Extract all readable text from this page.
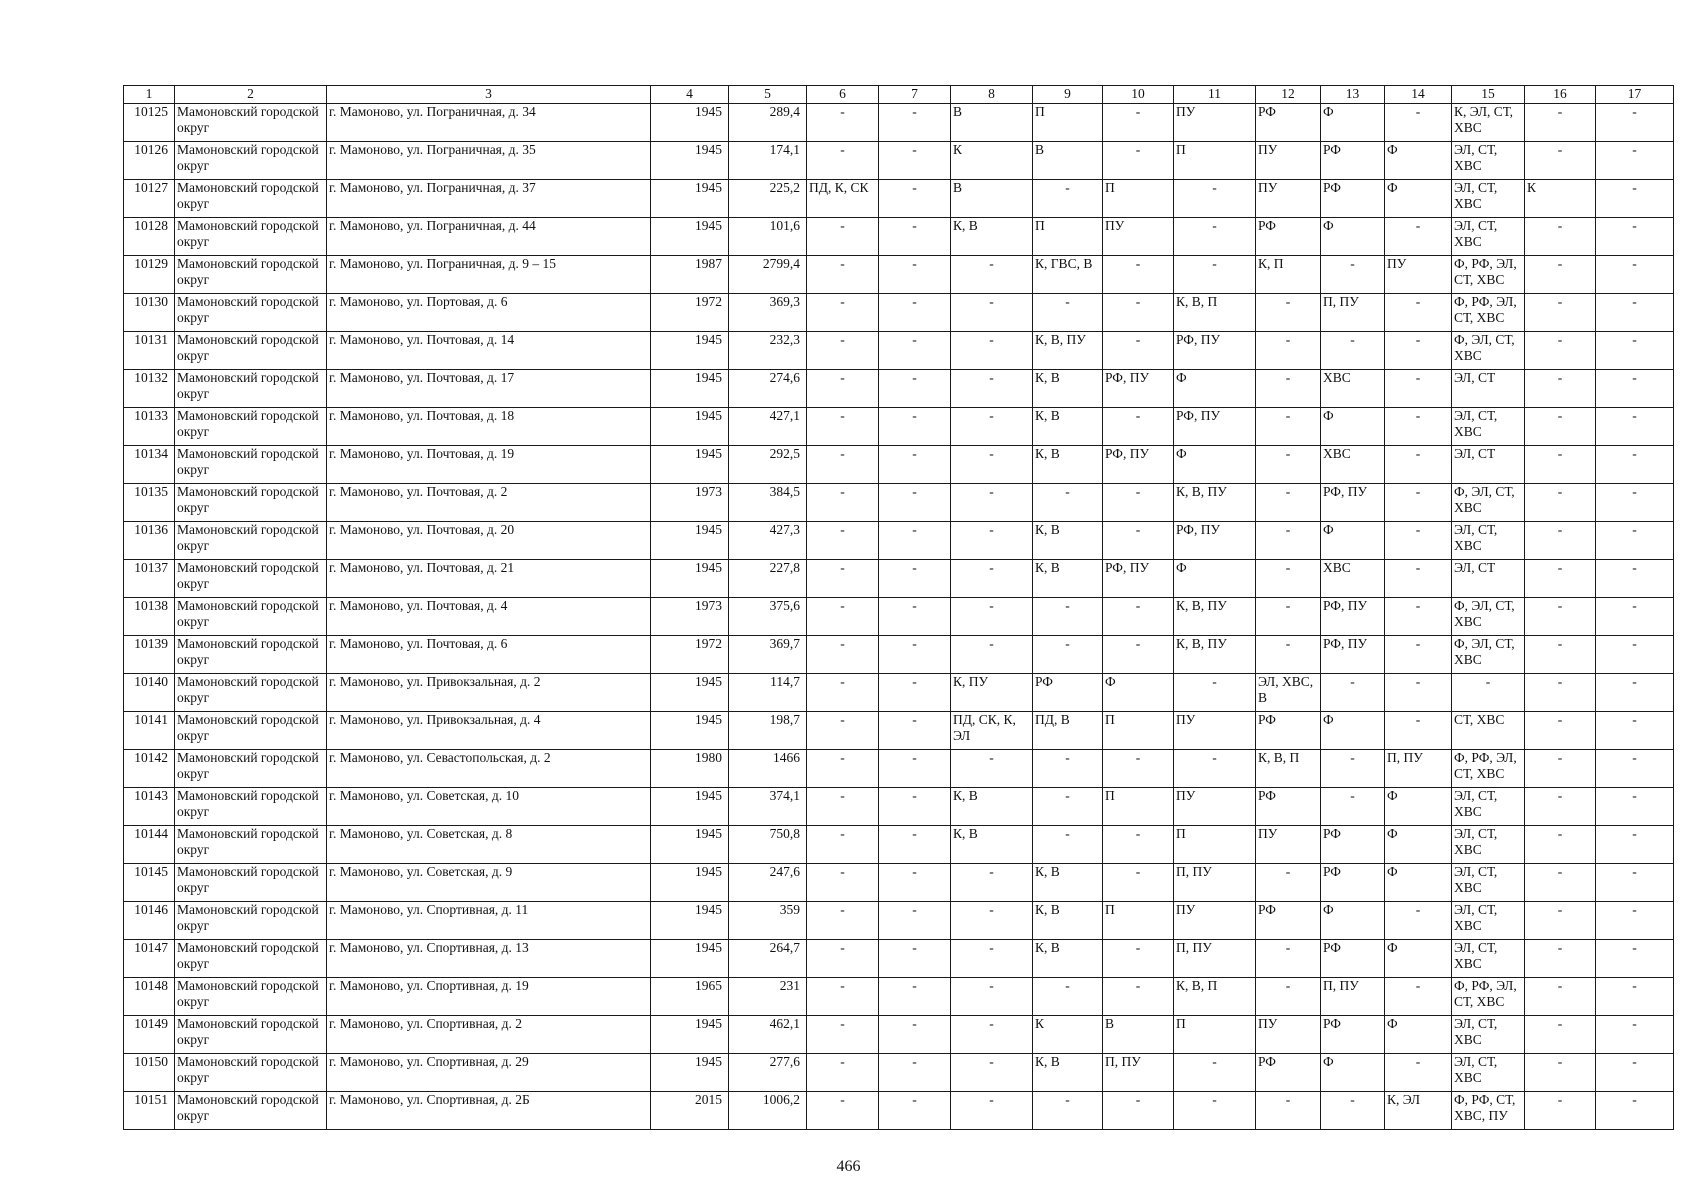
1	2	3	4	5	6	7	8	9	10	11	12	13	14	15	16	17
10125	Мамоновский городской округ	г. Мамоново, ул. Пограничная, д. 34	1945	289,4	-	-	В	П	-	ПУ	РФ	Ф	-	К, ЭЛ, СТ, ХВС	-	-
10126	Мамоновский городской округ	г. Мамоново, ул. Пограничная, д. 35	1945	174,1	-	-	К	В	-	П	ПУ	РФ	Ф	ЭЛ, СТ, ХВС	-	-
10127	Мамоновский городской округ	г. Мамоново, ул. Пограничная, д. 37	1945	225,2	ПД, К, СК	-	В	-	П	-	ПУ	РФ	Ф	ЭЛ, СТ, ХВС	К	-
10128	Мамоновский городской округ	г. Мамоново, ул. Пограничная, д. 44	1945	101,6	-	-	К, В	П	ПУ	-	РФ	Ф	-	ЭЛ, СТ, ХВС	-	-
10129	Мамоновский городской округ	г. Мамоново, ул. Пограничная, д. 9 – 15	1987	2799,4	-	-	-	К, ГВС, В	-	-	К, П	-	ПУ	Ф, РФ, ЭЛ, СТ, ХВС	-	-
10130	Мамоновский городской округ	г. Мамоново, ул. Портовая, д. 6	1972	369,3	-	-	-	-	-	К, В, П	-	П, ПУ	-	Ф, РФ, ЭЛ, СТ, ХВС	-	-
10131	Мамоновский городской округ	г. Мамоново, ул. Почтовая, д. 14	1945	232,3	-	-	-	К, В, ПУ	-	РФ, ПУ	-	-	-	Ф, ЭЛ, СТ, ХВС	-	-
10132	Мамоновский городской округ	г. Мамоново, ул. Почтовая, д. 17	1945	274,6	-	-	-	К, В	РФ, ПУ	Ф	-	ХВС	-	ЭЛ, СТ	-	-
10133	Мамоновский городской округ	г. Мамоново, ул. Почтовая, д. 18	1945	427,1	-	-	-	К, В	-	РФ, ПУ	-	Ф	-	ЭЛ, СТ, ХВС	-	-
10134	Мамоновский городской округ	г. Мамоново, ул. Почтовая, д. 19	1945	292,5	-	-	-	К, В	РФ, ПУ	Ф	-	ХВС	-	ЭЛ, СТ	-	-
10135	Мамоновский городской округ	г. Мамоново, ул. Почтовая, д. 2	1973	384,5	-	-	-	-	-	К, В, ПУ	-	РФ, ПУ	-	Ф, ЭЛ, СТ, ХВС	-	-
10136	Мамоновский городской округ	г. Мамоново, ул. Почтовая, д. 20	1945	427,3	-	-	-	К, В	-	РФ, ПУ	-	Ф	-	ЭЛ, СТ, ХВС	-	-
10137	Мамоновский городской округ	г. Мамоново, ул. Почтовая, д. 21	1945	227,8	-	-	-	К, В	РФ, ПУ	Ф	-	ХВС	-	ЭЛ, СТ	-	-
10138	Мамоновский городской округ	г. Мамоново, ул. Почтовая, д. 4	1973	375,6	-	-	-	-	-	К, В, ПУ	-	РФ, ПУ	-	Ф, ЭЛ, СТ, ХВС	-	-
10139	Мамоновский городской округ	г. Мамоново, ул. Почтовая, д. 6	1972	369,7	-	-	-	-	-	К, В, ПУ	-	РФ, ПУ	-	Ф, ЭЛ, СТ, ХВС	-	-
10140	Мамоновский городской округ	г. Мамоново, ул. Привокзальная, д. 2	1945	114,7	-	-	К, ПУ	РФ	Ф	-	ЭЛ, ХВС, В	-	-	-	-	-
10141	Мамоновский городской округ	г. Мамоново, ул. Привокзальная, д. 4	1945	198,7	-	-	ПД, СК, К, ЭЛ	ПД, В	П	ПУ	РФ	Ф	-	СТ, ХВС	-	-
10142	Мамоновский городской округ	г. Мамоново, ул. Севастопольская, д. 2	1980	1466	-	-	-	-	-	-	К, В, П	-	П, ПУ	Ф, РФ, ЭЛ, СТ, ХВС	-	-
10143	Мамоновский городской округ	г. Мамоново, ул. Советская, д. 10	1945	374,1	-	-	К, В	-	П	ПУ	РФ	-	Ф	ЭЛ, СТ, ХВС	-	-
10144	Мамоновский городской округ	г. Мамоново, ул. Советская, д. 8	1945	750,8	-	-	К, В	-	-	П	ПУ	РФ	Ф	ЭЛ, СТ, ХВС	-	-
10145	Мамоновский городской округ	г. Мамоново, ул. Советская, д. 9	1945	247,6	-	-	-	К, В	-	П, ПУ	-	РФ	Ф	ЭЛ, СТ, ХВС	-	-
10146	Мамоновский городской округ	г. Мамоново, ул. Спортивная, д. 11	1945	359	-	-	-	К, В	П	ПУ	РФ	Ф	-	ЭЛ, СТ, ХВС	-	-
10147	Мамоновский городской округ	г. Мамоново, ул. Спортивная, д. 13	1945	264,7	-	-	-	К, В	-	П, ПУ	-	РФ	Ф	ЭЛ, СТ, ХВС	-	-
10148	Мамоновский городской округ	г. Мамоново, ул. Спортивная, д. 19	1965	231	-	-	-	-	-	К, В, П	-	П, ПУ	-	Ф, РФ, ЭЛ, СТ, ХВС	-	-
10149	Мамоновский городской округ	г. Мамоново, ул. Спортивная, д. 2	1945	462,1	-	-	-	К	В	П	ПУ	РФ	Ф	ЭЛ, СТ, ХВС	-	-
10150	Мамоновский городской округ	г. Мамоново, ул. Спортивная, д. 29	1945	277,6	-	-	-	К, В	П, ПУ	-	РФ	Ф	-	ЭЛ, СТ, ХВС	-	-
10151	Мамоновский городской округ	г. Мамоново, ул. Спортивная, д. 2Б	2015	1006,2	-	-	-	-	-	-	-	-	К, ЭЛ	Ф, РФ, СТ, ХВС, ПУ	-	-
466
